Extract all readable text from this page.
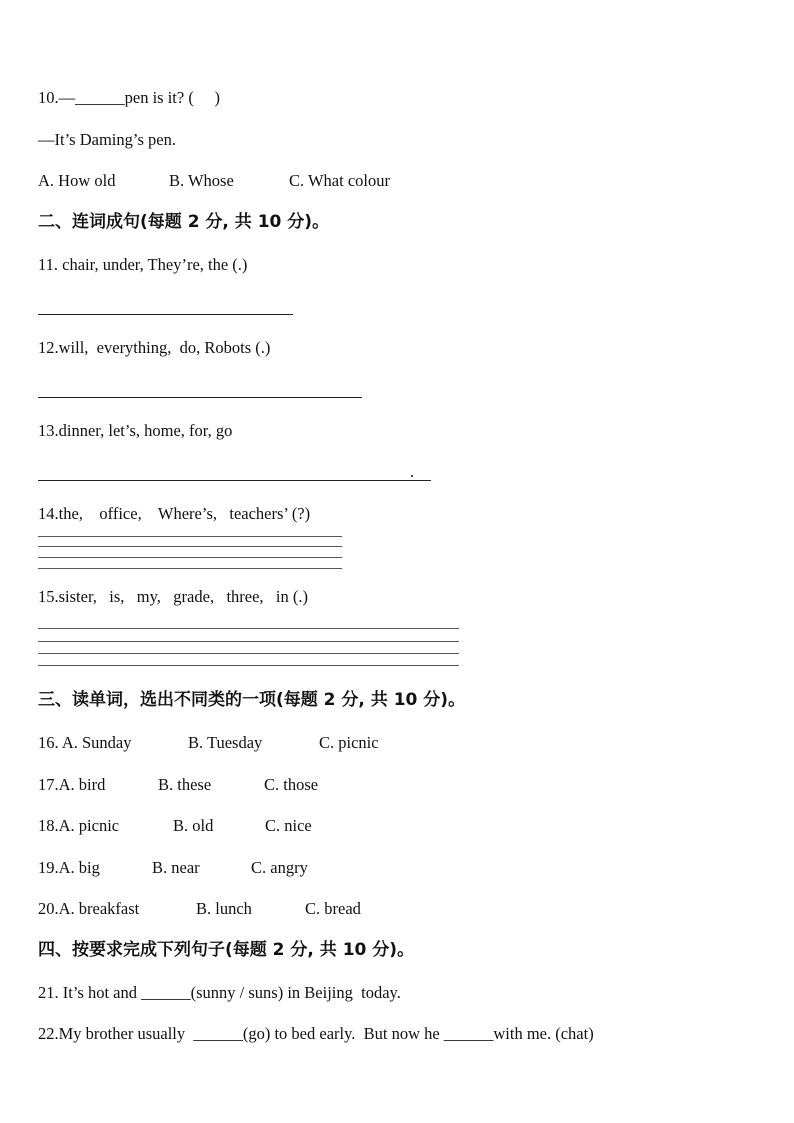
10.—______pen is it? (     )
—It’s Daming’s pen.
A. How old	B. Whose	C. What colour
二、连词成句(每题 2 分, 共 10 分)。
11. chair, under, They’re, the (.)
12.will,  everything,  do, Robots (.)
13.dinner, let’s, home, for, go
.
14.the,    office,    Where’s,   teachers’ (?)
15.sister,   is,   my,   grade,   three,   in (.)
三、读单词，选出不同类的一项(每题 2 分, 共 10 分)。
16. A. Sunday	B. Tuesday	C. picnic
17.A. bird	B. these	C. those
18.A. picnic	B. old	C. nice
19.A. big	B. near	C. angry
20.A. breakfast	B. lunch	C. bread
四、按要求完成下列句子(每题 2 分, 共 10 分)。
21. It’s hot and ______(sunny / suns) in Beijing  today.
22.My brother usually  ______(go) to bed early.  But now he ______with me. (chat)
